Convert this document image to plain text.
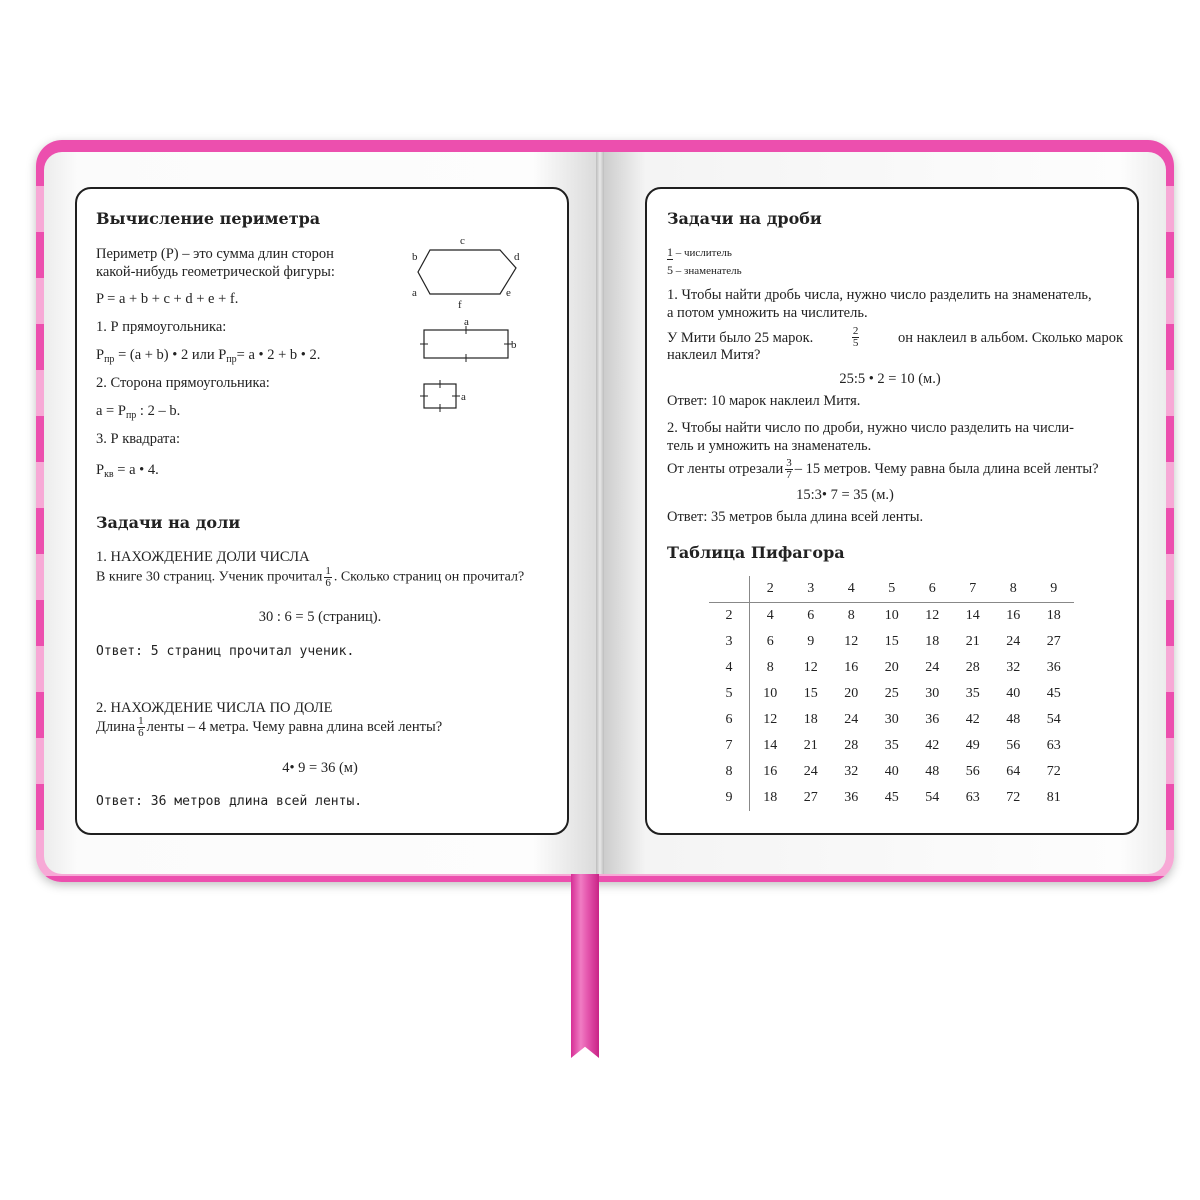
Вычисление периметра
Периметр (Р) – это сумма длин сторон
какой-нибудь геометрической фигуры:
P = a + b + c + d + e + f.
1. Р прямоугольника:
$P_{пр} = (a + b)$ • 2 или $P_{пр}= a$ • 2 + b • 2.
2. Сторона прямоугольника:
$a = P_{пр}$ : 2 – b.
3. Р квадрата:
$P_{кв} = a$ • 4.
c
b	d
a	e
f
a
b
a
Задачи на доли
1. НАХОЖДЕНИЕ ДОЛИ ЧИСЛА
В книге 30 страниц. Ученик прочитал $\frac{1}{6}$ . Сколько страниц он прочитал?
30 : 6 = 5 (страниц).
Ответ: 5 страниц прочитал ученик.
2. НАХОЖДЕНИЕ ЧИСЛА ПО ДОЛЕ
Длина $\frac{1}{6}$ ленты – 4 метра. Чему равна длина всей ленты?
4• 9 = 36 (м)
Ответ: 36 метров длина всей ленты.
Задачи на дроби
1 – числитель
5 – знаменатель
1. Чтобы найти дробь числа, нужно число разделить на знаменатель,
а потом умножить на числитель.
У Мити было 25 марок.	$\frac{2}{5}$	он наклеил в альбом. Сколько марок
наклеил Митя?
25:5 • 2 = 10 (м.)
Ответ: 10 марок наклеил Митя.
2. Чтобы найти число по дроби, нужно число разделить на числи-
тель и умножить на знаменатель.
От ленты отрезали $\frac{3}{7} - 15$ метров. Чему равна была длина всей ленты?
15:3• 7 = 35 (м.)
Ответ: 35 метров была длина всей ленты.
Таблица Пифагора
	2	3	4	5	6	7	8	9
2	4	6	8	10	12	14	16	18
3	6	9	12	15	18	21	24	27
4	8	12	16	20	24	28	32	36
5	10	15	20	25	30	35	40	45
6	12	18	24	30	36	42	48	54
7	14	21	28	35	42	49	56	63
8	16	24	32	40	48	56	64	72
9	18	27	36	45	54	63	72	81
